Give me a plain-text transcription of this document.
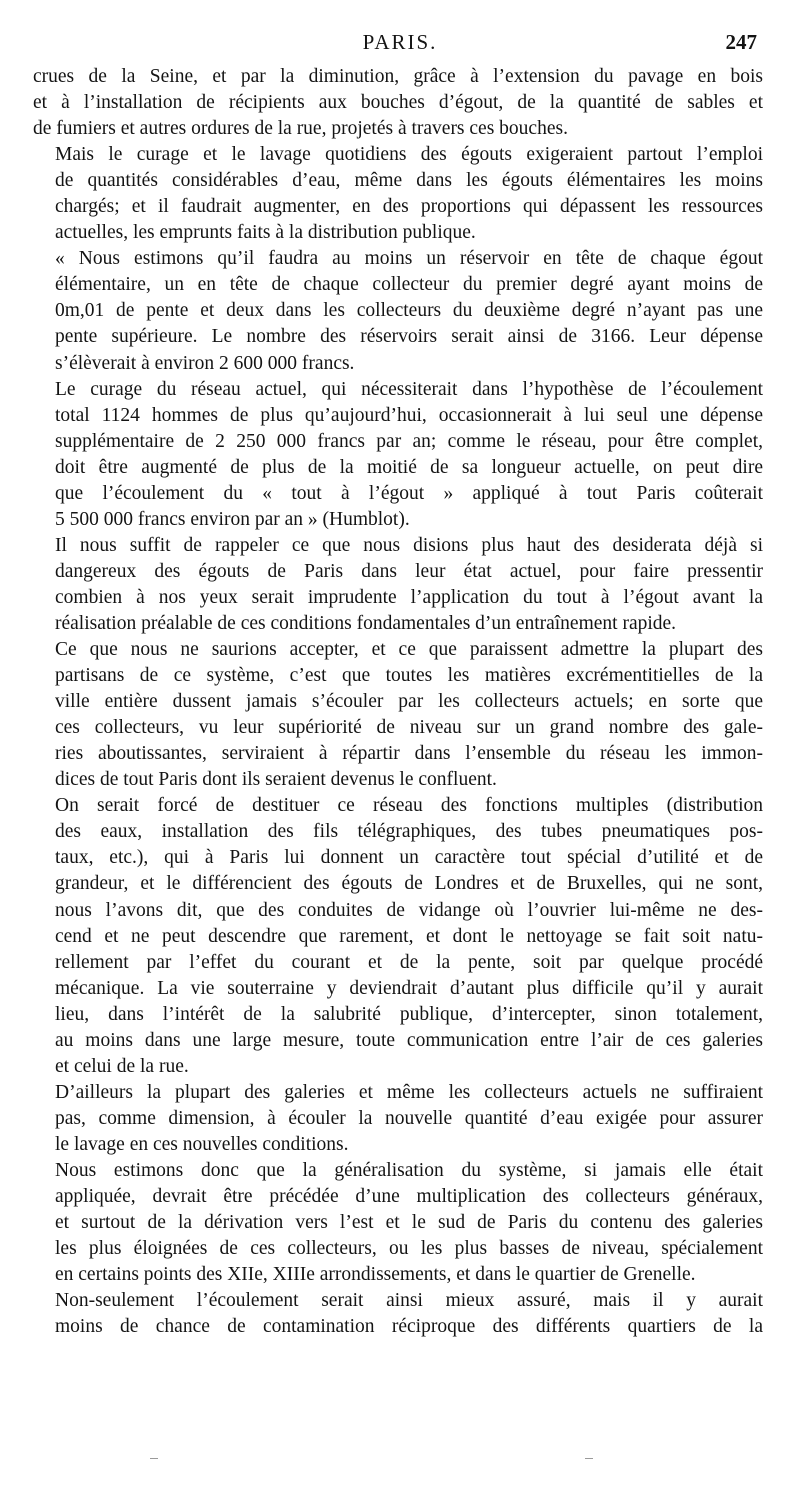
PARIS.	247

crues de la Seine, et par la diminution, grâce à l’extension du pavage en bois
et à l’installation de récipients aux bouches d’égout, de la quantité de sables et
de fumiers et autres ordures de la rue, projetés à travers ces bouches.

Mais le curage et le lavage quotidiens des égouts exigeraient partout l’emploi
de quantités considérables d’eau, même dans les égouts élémentaires les moins
chargés; et il faudrait augmenter, en des proportions qui dépassent les ressources
actuelles, les emprunts faits à la distribution publique.

« Nous estimons qu’il faudra au moins un réservoir en tête de chaque égout
élémentaire, un en tête de chaque collecteur du premier degré ayant moins de
0m,01 de pente et deux dans les collecteurs du deuxième degré n’ayant pas une
pente supérieure. Le nombre des réservoirs serait ainsi de 3166. Leur dépense
s’élèverait à environ 2 600 000 francs.

Le curage du réseau actuel, qui nécessiterait dans l’hypothèse de l’écoulement
total 1124 hommes de plus qu’aujourd’hui, occasionnerait à lui seul une dépense
supplémentaire de 2 250 000 francs par an; comme le réseau, pour être complet,
doit être augmenté de plus de la moitié de sa longueur actuelle, on peut dire
que l’écoulement du « tout à l’égout » appliqué à tout Paris coûterait
5 500 000 francs environ par an » (Humblot).

Il nous suffit de rappeler ce que nous disions plus haut des desiderata déjà si
dangereux des égouts de Paris dans leur état actuel, pour faire pressentir
combien à nos yeux serait imprudente l’application du tout à l’égout avant la
réalisation préalable de ces conditions fondamentales d’un entraînement rapide.

Ce que nous ne saurions accepter, et ce que paraissent admettre la plupart des
partisans de ce système, c’est que toutes les matières excrémentitielles de la
ville entière dussent jamais s’écouler par les collecteurs actuels; en sorte que
ces collecteurs, vu leur supériorité de niveau sur un grand nombre des gale-
ries aboutissantes, serviraient à répartir dans l’ensemble du réseau les immon-
dices de tout Paris dont ils seraient devenus le confluent.

On serait forcé de destituer ce réseau des fonctions multiples (distribution
des eaux, installation des fils télégraphiques, des tubes pneumatiques pos-
taux, etc.), qui à Paris lui donnent un caractère tout spécial d’utilité et de
grandeur, et le différencient des égouts de Londres et de Bruxelles, qui ne sont,
nous l’avons dit, que des conduites de vidange où l’ouvrier lui-même ne des-
cend et ne peut descendre que rarement, et dont le nettoyage se fait soit natu-
rellement par l’effet du courant et de la pente, soit par quelque procédé
mécanique. La vie souterraine y deviendrait d’autant plus difficile qu’il y aurait
lieu, dans l’intérêt de la salubrité publique, d’intercepter, sinon totalement,
au moins dans une large mesure, toute communication entre l’air de ces galeries
et celui de la rue.

D’ailleurs la plupart des galeries et même les collecteurs actuels ne suffiraient
pas, comme dimension, à écouler la nouvelle quantité d’eau exigée pour assurer
le lavage en ces nouvelles conditions.

Nous estimons donc que la généralisation du système, si jamais elle était
appliquée, devrait être précédée d’une multiplication des collecteurs généraux,
et surtout de la dérivation vers l’est et le sud de Paris du contenu des galeries
les plus éloignées de ces collecteurs, ou les plus basses de niveau, spécialement
en certains points des XIIe, XIIIe arrondissements, et dans le quartier de Grenelle.

Non-seulement l’écoulement serait ainsi mieux assuré, mais il y aurait
moins de chance de contamination réciproque des différents quartiers de la
